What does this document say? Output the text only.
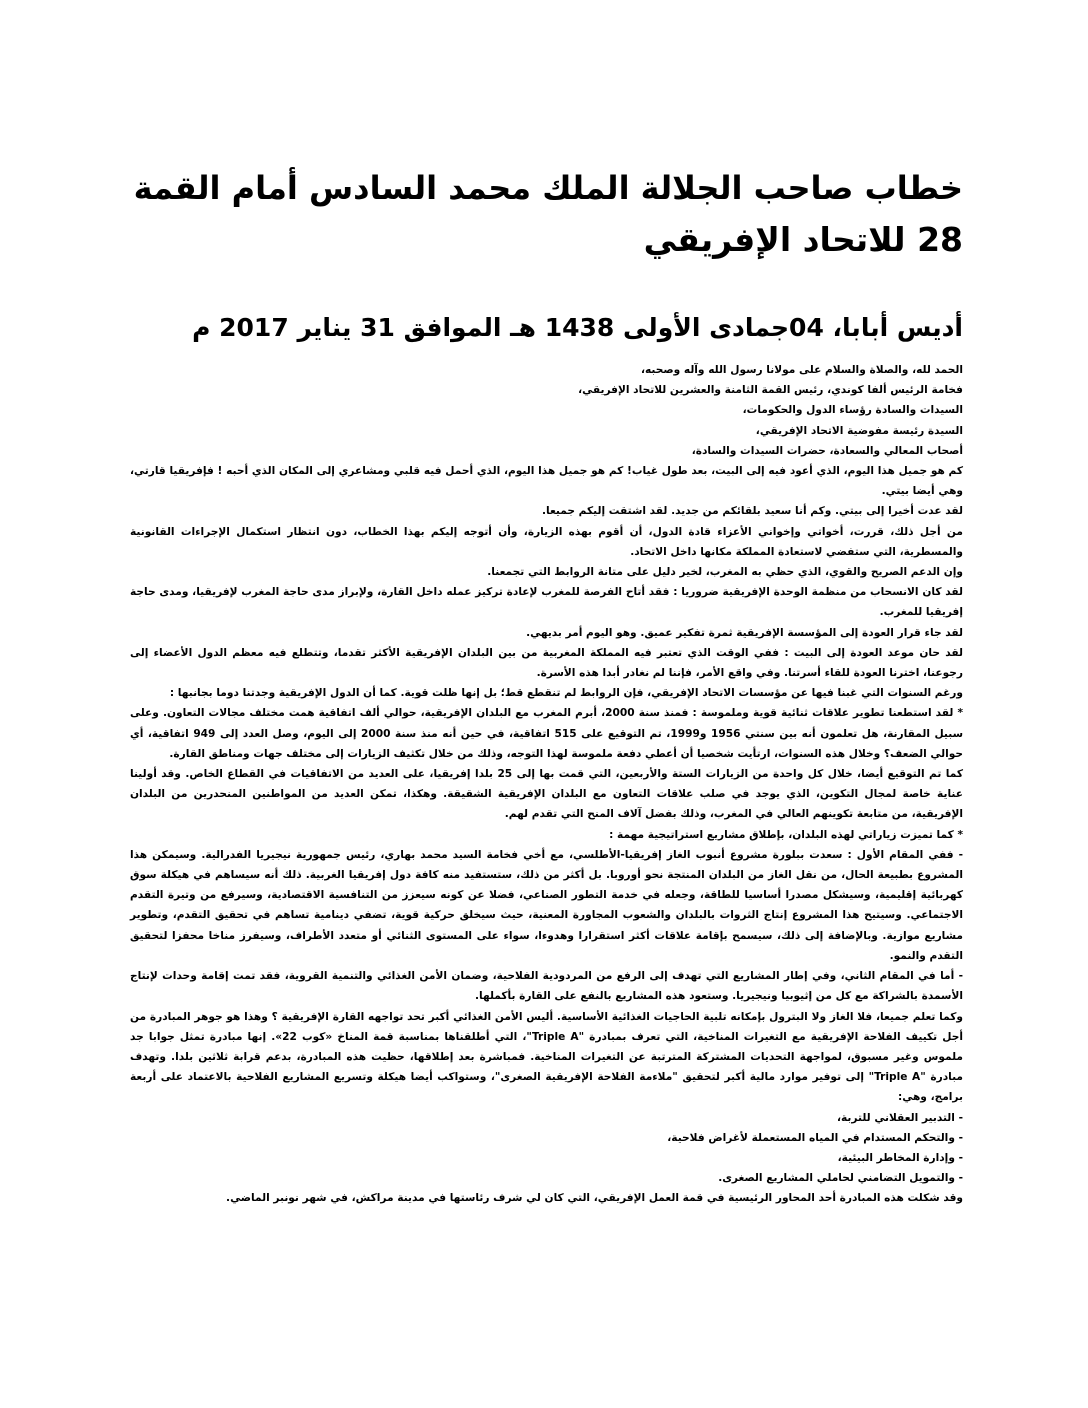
خطاب صاحب الجلالة الملك محمد السادس أمام القمة
28 للاتحاد الإفريقي
أديس أبابا، 04جمادى الأولى 1438 هـ الموافق 31 يناير 2017 م

الحمد لله، والصلاة والسلام على مولانا رسول الله وآله وصحبه،

فخامة الرئيس ألفا كوندي، رئيس القمة الثامنة والعشرين للاتحاد الإفريقي،

السيدات والسادة رؤساء الدول والحكومات،

السيدة رئيسة مفوضية الاتحاد الإفريقي،

أصحاب المعالي والسعادة، حضرات السيدات والسادة،

كم هو جميل هذا اليوم، الذي أعود فيه إلى البيت، بعد طول غياب! كم هو جميل هذا اليوم، الذي أحمل فيه قلبي ومشاعري إلى المكان الذي أحبه ! فإفريقيا قارتي، وهي أيضا بيتي.

لقد عدت أخيرا إلى بيتي. وكم أنا سعيد بلقائكم من جديد. لقد اشتقت إليكم جميعا.

من أجل ذلك، قررت، أخواتي وإخواني الأعزاء قادة الدول، أن أقوم بهذه الزيارة، وأن أتوجه إليكم بهذا الخطاب، دون انتظار استكمال الإجراءات القانونية والمسطرية، التي ستفضي لاستعادة المملكة مكانها داخل الاتحاد.

وإن الدعم الصريح والقوي، الذي حظي به المغرب، لخير دليل على متانة الروابط التي تجمعنا.

لقد كان الانسحاب من منظمة الوحدة الإفريقية ضروريا : فقد أتاح الفرصة للمغرب لإعادة تركيز عمله داخل القارة، ولإبراز مدى حاجة المغرب لإفريقيا، ومدى حاجة إفريقيا للمغرب.

لقد جاء قرار العودة إلى المؤسسة الإفريقية ثمرة تفكير عميق. وهو اليوم أمر بديهي.

لقد حان موعد العودة إلى البيت : ففي الوقت الذي تعتبر فيه المملكة المغربية من بين البلدان الإفريقية الأكثر تقدما، وتتطلع فيه معظم الدول الأعضاء إلى رجوعنا، اخترنا العودة للقاء أسرتنا. وفي واقع الأمر، فإننا لم نغادر أبدا هذه الأسرة.

ورغم السنوات التي غبنا فيها عن مؤسسات الاتحاد الإفريقي، فإن الروابط لم تنقطع قط؛ بل إنها ظلت قوية. كما أن الدول الإفريقية وجدتنا دوما بجانبها :

* لقد استطعنا تطوير علاقات ثنائية قوية وملموسة : فمنذ سنة 2000، أبرم المغرب مع البلدان الإفريقية، حوالي ألف اتفاقية همت مختلف مجالات التعاون. وعلى سبيل المقارنة، هل تعلمون أنه بين سنتي 1956 و1999، تم التوقيع على 515 اتفاقية، في حين أنه منذ سنة 2000 إلى اليوم، وصل العدد إلى 949 اتفاقية، أي حوالي الضعف؟ وخلال هذه السنوات، ارتأيت شخصيا أن أعطي دفعة ملموسة لهذا التوجه، وذلك من خلال تكثيف الزيارات إلى مختلف جهات ومناطق القارة.

كما تم التوقيع أيضا، خلال كل واحدة من الزيارات الستة والأربعين، التي قمت بها إلى 25 بلدا إفريقيا، على العديد من الاتفاقيات في القطاع الخاص. وقد أولينا عناية خاصة لمجال التكوين، الذي يوجد في صلب علاقات التعاون مع البلدان الإفريقية الشقيقة. وهكذا، تمكن العديد من المواطنين المنحدرين من البلدان الإفريقية، من متابعة تكوينهم العالي في المغرب، وذلك بفضل آلاف المنح التي تقدم لهم.

* كما تميزت زياراتي لهذه البلدان، بإطلاق مشاريع استراتيجية مهمة :

- ففي المقام الأول : سعدت ببلورة مشروع أنبوب الغاز إفريقيا-الأطلسي، مع أخي فخامة السيد محمد بهاري، رئيس جمهورية نيجيريا الفدرالية. وسيمكن هذا المشروع بطبيعة الحال، من نقل الغاز من البلدان المنتجة نحو أوروبا. بل أكثر من ذلك، ستستفيد منه كافة دول إفريقيا الغربية. ذلك أنه سيساهم في هيكلة سوق كهربائية إقليمية، وسيشكل مصدرا أساسيا للطاقة، وجعله في خدمة التطور الصناعي، فضلا عن كونه سيعزز من التنافسية الاقتصادية، وسيرفع من وتيرة التقدم الاجتماعي. وسيتيح هذا المشروع إنتاج الثروات بالبلدان والشعوب المجاورة المعنية، حيث سيخلق حركية قوية، تضفي دينامية تساهم في تحقيق التقدم، وتطوير مشاريع موازية. وبالإضافة إلى ذلك، سيسمح بإقامة علاقات أكثر استقرارا وهدوءا، سواء على المستوى الثنائي أو متعدد الأطراف، وسيفرز مناخا محفزا لتحقيق التقدم والنمو.

- أما في المقام الثاني، وفي إطار المشاريع التي تهدف إلى الرفع من المردودية الفلاحية، وضمان الأمن الغذائي والتنمية القروية، فقد تمت إقامة وحدات لإنتاج الأسمدة بالشراكة مع كل من إثيوبيا ونيجيريا. وستعود هذه المشاريع بالنفع على القارة بأكملها.

وكما تعلم جميعا، فلا الغاز ولا البترول بإمكانه تلبية الحاجيات الغذائية الأساسية. أليس الأمن الغذائي أكبر تحد تواجهه القارة الإفريقية ؟ وهذا هو جوهر المبادرة من أجل تكييف الفلاحة الإفريقية مع التغيرات المناخية، التي تعرف بمبادرة "Triple A"، التي أطلقناها بمناسبة قمة المناخ «كوب 22». إنها مبادرة تمثل جوابا جد ملموس وغير مسبوق، لمواجهة التحديات المشتركة المترتبة عن التغيرات المناخية. فمباشرة بعد إطلاقها، حظيت هذه المبادرة، بدعم قرابة ثلاثين بلدا. وتهدف مبادرة "Triple A" إلى توفير موارد مالية أكبر لتحقيق "ملاءمة الفلاحة الإفريقية الصغرى"، وستواكب أيضا هيكلة وتسريع المشاريع الفلاحية بالاعتماد على أربعة برامج، وهي:

- التدبير العقلاني للتربة،

- والتحكم المستدام في المياه المستعملة لأغراض فلاحية،

- وإدارة المخاطر البيئية،

- والتمويل التضامني لحاملي المشاريع الصغرى.

وقد شكلت هذه المبادرة أحد المحاور الرئيسية في قمة العمل الإفريقي، التي كان لي شرف رئاستها في مدينة مراكش، في شهر نونبر الماضي.
